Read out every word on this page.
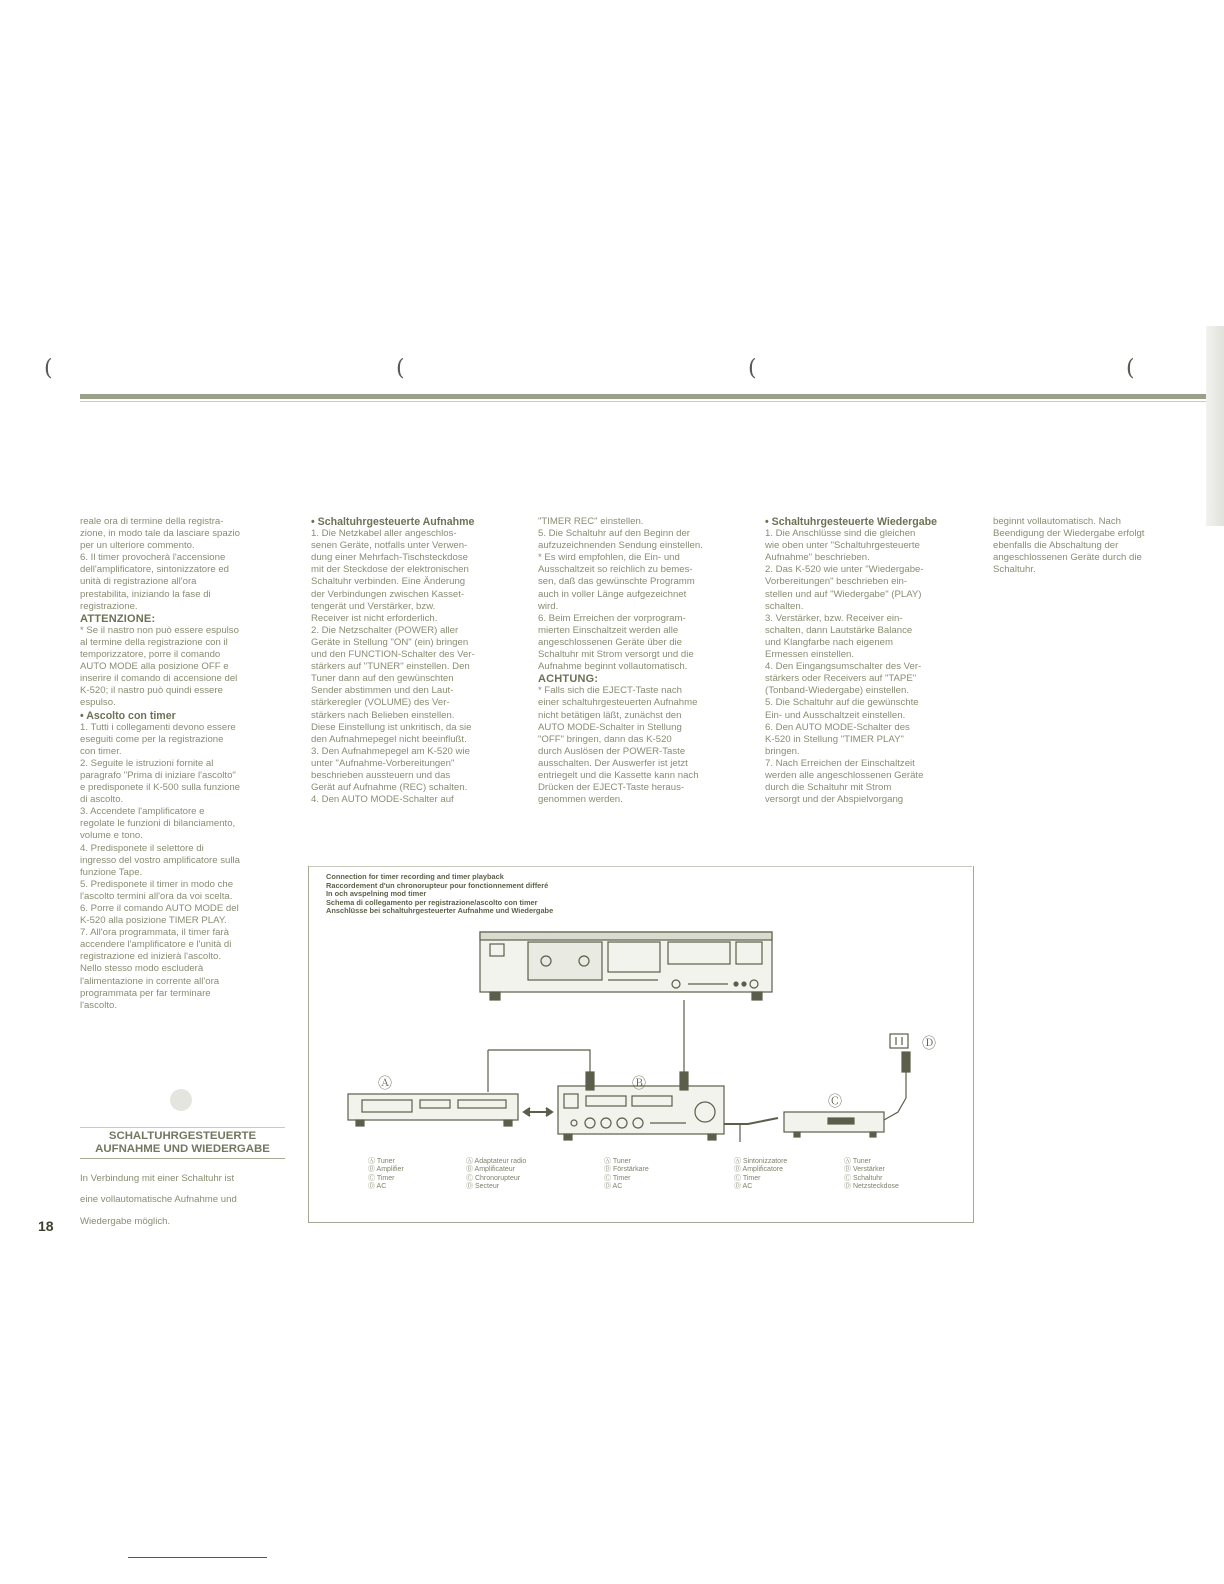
(	(	(	(

reale ora di termine della registra-

zione, in modo tale da lasciare spazio

per un ulteriore commento.

6. Il timer provocherà l'accensione

dell'amplificatore, sintonizzatore ed

unità di registrazione all'ora

prestabilita, iniziando la fase di

registrazione.

ATTENZIONE:

* Se il nastro non può essere espulso

al termine della registrazione con il

temporizzatore, porre il comando

AUTO MODE alla posizione OFF e

inserire il comando di accensione del

K-520; il nastro può quindi essere

espulso.

• Ascolto con timer

1. Tutti i collegamenti devono essere

eseguiti come per la registrazione

con timer.

2. Seguite le istruzioni fornite al

paragrafo "Prima di iniziare l'ascolto"

e predisponete il K-500 sulla funzione

di ascolto.

3. Accendete l'amplificatore e

regolate le funzioni di bilanciamento,

volume e tono.

4. Predisponete il selettore di

ingresso del vostro amplificatore sulla

funzione Tape.

5. Predisponete il timer in modo che

l'ascolto termini all'ora da voi scelta.

6. Porre il comando AUTO MODE del

K-520 alla posizione TIMER PLAY.

7. All'ora programmata, il timer farà

accendere l'amplificatore e l'unità di

registrazione ed inizierà l'ascolto.

Nello stesso modo escluderà

l'alimentazione in corrente all'ora

programmata per far terminare

l'ascolto.

SCHALTUHRGESTEUERTE
AUFNAHME UND WIEDERGABE

In Verbindung mit einer Schaltuhr ist

eine vollautomatische Aufnahme und

Wiedergabe möglich.

• Schaltuhrgesteuerte Aufnahme

1. Die Netzkabel aller angeschlos-

senen Geräte, notfalls unter Verwen-

dung einer Mehrfach-Tischsteckdose

mit der Steckdose der elektronischen

Schaltuhr verbinden. Eine Änderung

der Verbindungen zwischen Kasset-

tengerät und Verstärker, bzw.

Receiver ist nicht erforderlich.

2. Die Netzschalter (POWER) aller

Geräte in Stellung "ON" (ein) bringen

und den FUNCTION-Schalter des Ver-

stärkers auf "TUNER" einstellen. Den

Tuner dann auf den gewünschten

Sender abstimmen und den Laut-

stärkeregler (VOLUME) des Ver-

stärkers nach Belieben einstellen.

Diese Einstellung ist unkritisch, da sie

den Aufnahmepegel nicht beeinflußt.

3. Den Aufnahmepegel am K-520 wie

unter "Aufnahme-Vorbereitungen"

beschrieben aussteuern und das

Gerät auf Aufnahme (REC) schalten.

4. Den AUTO MODE-Schalter auf

"TIMER REC" einstellen.

5. Die Schaltuhr auf den Beginn der

aufzuzeichnenden Sendung einstellen.

* Es wird empfohlen, die Ein- und

Ausschaltzeit so reichlich zu bemes-

sen, daß das gewünschte Programm

auch in voller Länge aufgezeichnet

wird.

6. Beim Erreichen der vorprogram-

mierten Einschaltzeit werden alle

angeschlossenen Geräte über die

Schaltuhr mit Strom versorgt und die

Aufnahme beginnt vollautomatisch.

ACHTUNG:

* Falls sich die EJECT-Taste nach

einer schaltuhrgesteuerten Aufnahme

nicht betätigen läßt, zunächst den

AUTO MODE-Schalter in Stellung

"OFF" bringen, dann das K-520

durch Auslösen der POWER-Taste

ausschalten. Der Auswerfer ist jetzt

entriegelt und die Kassette kann nach

Drücken der EJECT-Taste heraus-

genommen werden.

• Schaltuhrgesteuerte Wiedergabe

1. Die Anschlüsse sind die gleichen

wie oben unter "Schaltuhrgesteuerte

Aufnahme" beschrieben.

2. Das K-520 wie unter "Wiedergabe-

Vorbereitungen" beschrieben ein-

stellen und auf "Wiedergabe" (PLAY)

schalten.

3. Verstärker, bzw. Receiver ein-

schalten, dann Lautstärke Balance

und Klangfarbe nach eigenem

Ermessen einstellen.

4. Den Eingangsumschalter des Ver-

stärkers oder Receivers auf "TAPE"

(Tonband-Wiedergabe) einstellen.

5. Die Schaltuhr auf die gewünschte

Ein- und Ausschaltzeit einstellen.

6. Den AUTO MODE-Schalter des

K-520 in Stellung "TIMER PLAY"

bringen.

7. Nach Erreichen der Einschaltzeit

werden alle angeschlossenen Geräte

durch die Schaltuhr mit Strom

versorgt und der Abspielvorgang

beginnt vollautomatisch. Nach

Beendigung der Wiedergabe erfolgt

ebenfalls die Abschaltung der

angeschlossenen Geräte durch die

Schaltuhr.

Connection for timer recording and timer playback

Raccordement d'un chronorupteur pour fonctionnement differé

In och avspelning mod timer

Schema di collegamento per registrazione/ascolto con timer

Anschlüsse bei schaltuhrgesteuerter Aufnahme und Wiedergabe

Ⓐ	Ⓑ
Ⓒ
Ⓓ

Ⓐ Tuner

Ⓑ Amplifier

Ⓒ Timer

Ⓓ AC

Ⓐ Adaptateur radio

Ⓑ Amplificateur

Ⓒ Chronorupteur

Ⓓ Secteur

Ⓐ Tuner

Ⓑ Förstärkare

Ⓒ Timer

Ⓓ AC

Ⓐ Sintonizzatore

Ⓑ Amplificatore

Ⓒ Timer

Ⓓ AC

Ⓐ Tuner

Ⓑ Verstärker

Ⓒ Schaltuhr

Ⓓ Netzsteckdose

18
